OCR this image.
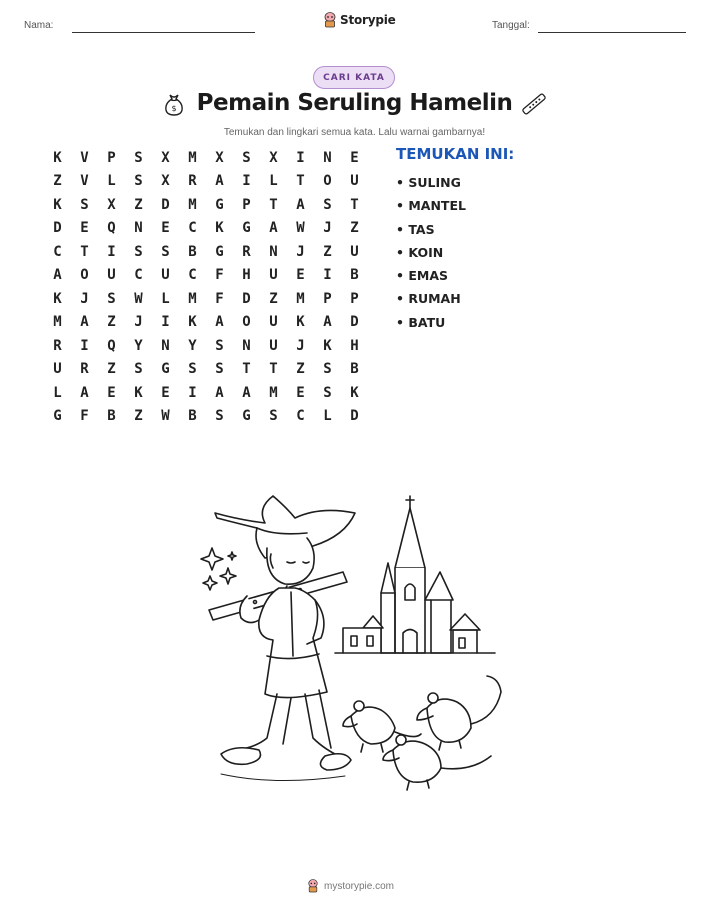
Nama:	Storypie	Tanggal:
CARI KATA
$ Pemain Seruling Hamelin
Temukan dan lingkari semua kata. Lalu warnai gambarnya!
K	V	P	S	X	M	X	S	X	I	N	E
Z	V	L	S	X	R	A	I	L	T	O	U
K	S	X	Z	D	M	G	P	T	A	S	T
D	E	Q	N	E	C	K	G	A	W	J	Z
C	T	I	S	S	B	G	R	N	J	Z	U
A	O	U	C	U	C	F	H	U	E	I	B
K	J	S	W	L	M	F	D	Z	M	P	P
M	A	Z	J	I	K	A	O	U	K	A	D
R	I	Q	Y	N	Y	S	N	U	J	K	H
U	R	Z	S	G	S	S	T	T	Z	S	B
L	A	E	K	E	I	A	A	M	E	S	K
G	F	B	Z	W	B	S	G	S	C	L	D
TEMUKAN INI:
• SULING
• MANTEL
• TAS
• KOIN
• EMAS
• RUMAH
• BATU
mystorypie.com
